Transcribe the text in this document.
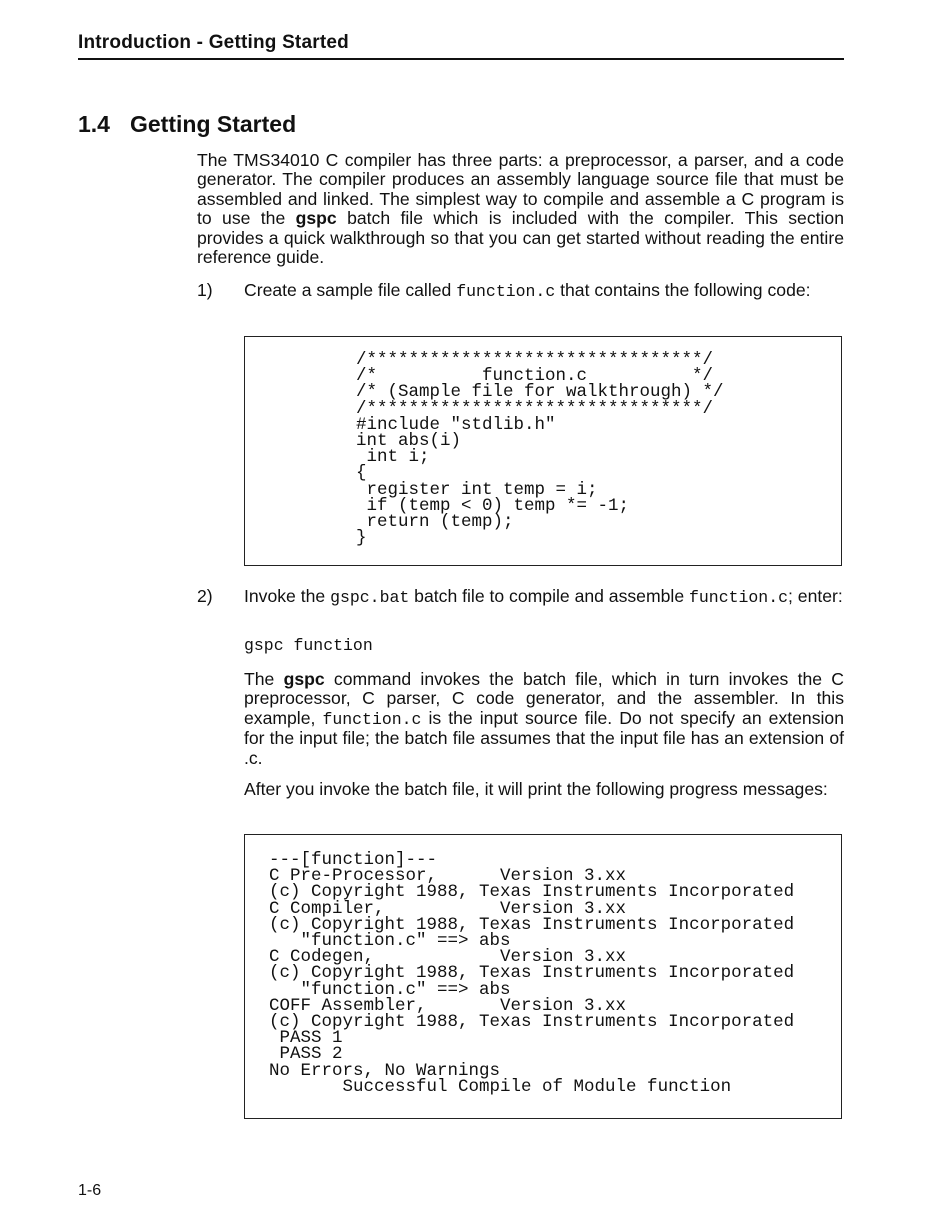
Introduction - Getting Started
1.4 Getting Started

The TMS34010 C compiler has three parts: a preprocessor, a parser, and a code generator. The compiler produces an assembly language source file that must be assembled and linked. The simplest way to compile and assemble a C program is to use the gspc batch file which is included with the compiler. This section provides a quick walkthrough so that you can get started without reading the entire reference guide.

1) Create a sample file called function.c that contains the following code:

/********************************/
/*          function.c          */
/* (Sample file for walkthrough) */
/********************************/
#include "stdlib.h"
int abs(i)
int i;
{
register int temp = i;
if (temp < 0) temp *= -1;
return (temp);
}
2) Invoke the gspc.bat batch file to compile and assemble function.c; enter:

gspc function

The gspc command invokes the batch file, which in turn invokes the C preprocessor, C parser, C code generator, and the assembler. In this example, function.c is the input source file. Do not specify an extension for the input file; the batch file assumes that the input file has an extension of .c.

After you invoke the batch file, it will print the following progress messages:

---[function]---
C Pre-Processor,      Version 3.xx
(c) Copyright 1988, Texas Instruments Incorporated
C Compiler,           Version 3.xx
(c) Copyright 1988, Texas Instruments Incorporated
"function.c" ==> abs
C Codegen,            Version 3.xx
(c) Copyright 1988, Texas Instruments Incorporated
"function.c" ==> abs
COFF Assembler,       Version 3.xx
(c) Copyright 1988, Texas Instruments Incorporated
PASS 1
PASS 2
No Errors, No Warnings
Successful Compile of Module function
1-6
